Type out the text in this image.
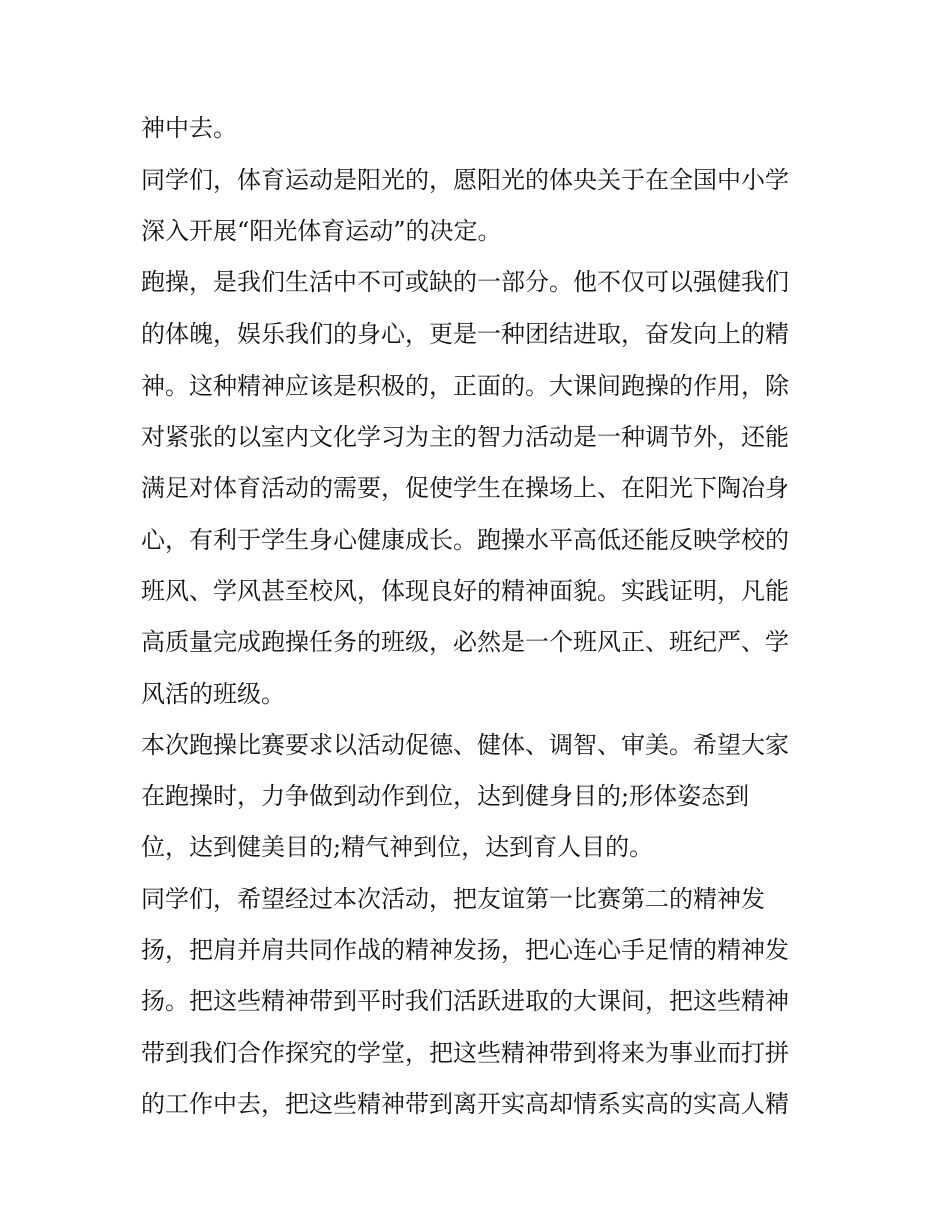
神中去。
同学们，体育运动是阳光的，愿阳光的体央关于在全国中小学
深入开展“阳光体育运动”的决定。
跑操，是我们生活中不可或缺的一部分。他不仅可以强健我们
的体魄，娱乐我们的身心，更是一种团结进取，奋发向上的精
神。这种精神应该是积极的，正面的。大课间跑操的作用，除
对紧张的以室内文化学习为主的智力活动是一种调节外，还能
满足对体育活动的需要，促使学生在操场上、在阳光下陶冶身
心，有利于学生身心健康成长。跑操水平高低还能反映学校的
班风、学风甚至校风，体现良好的精神面貌。实践证明，凡能
高质量完成跑操任务的班级，必然是一个班风正、班纪严、学
风活的班级。
本次跑操比赛要求以活动促德、健体、调智、审美。希望大家
在跑操时，力争做到动作到位，达到健身目的;形体姿态到
位，达到健美目的;精气神到位，达到育人目的。
同学们，希望经过本次活动，把友谊第一比赛第二的精神发
扬，把肩并肩共同作战的精神发扬，把心连心手足情的精神发
扬。把这些精神带到平时我们活跃进取的大课间，把这些精神
带到我们合作探究的学堂，把这些精神带到将来为事业而打拼
的工作中去，把这些精神带到离开实高却情系实高的实高人精
